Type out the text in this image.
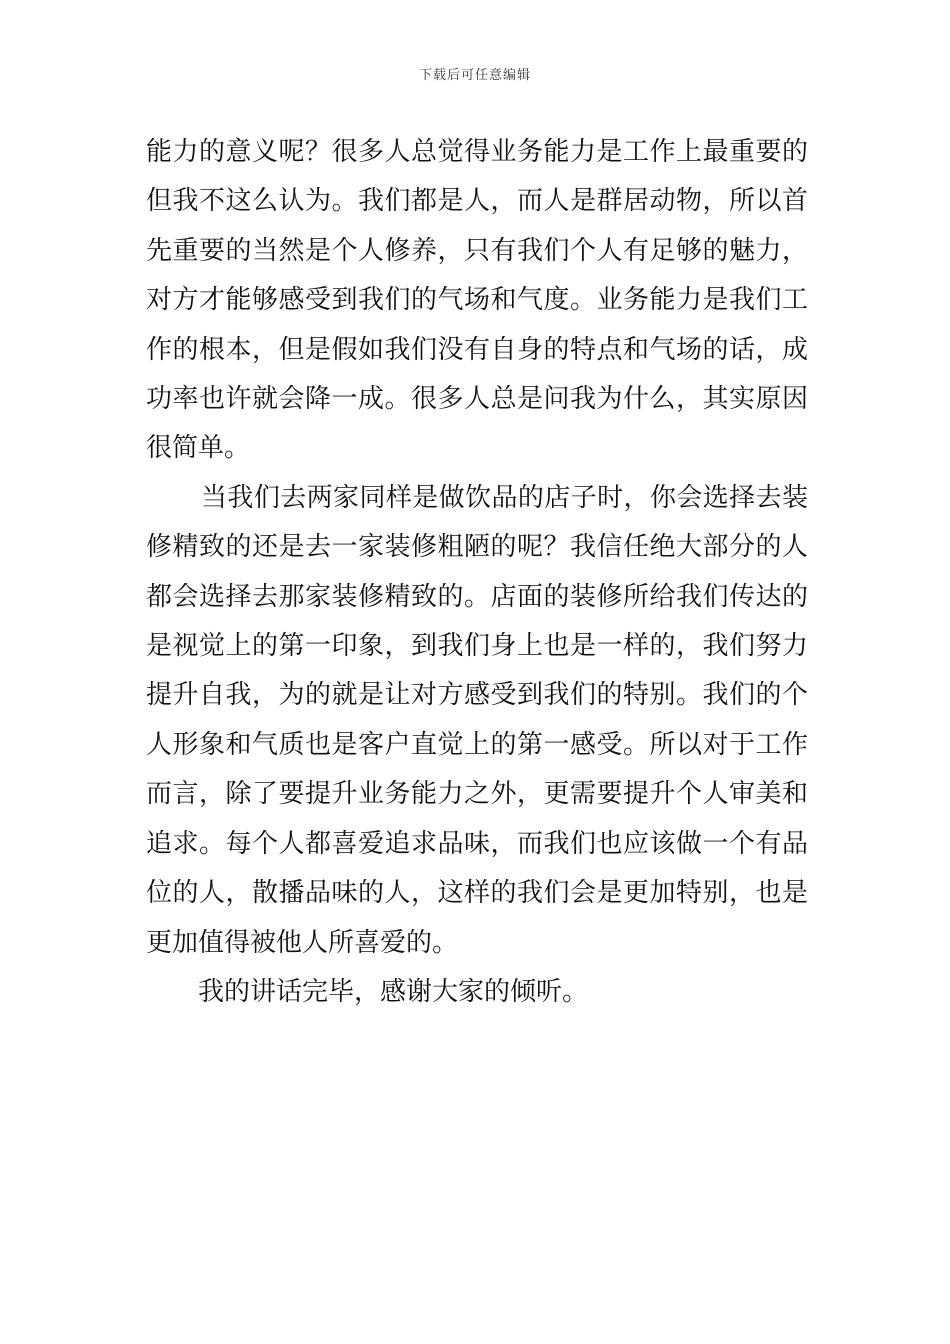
下载后可任意编辑

能力的意义呢？很多人总觉得业务能力是工作上最重要的但我不这么认为。我们都是人，而人是群居动物，所以首先重要的当然是个人修养，只有我们个人有足够的魅力，对方才能够感受到我们的气场和气度。业务能力是我们工作的根本，但是假如我们没有自身的特点和气场的话，成功率也许就会降一成。很多人总是问我为什么，其实原因很简单。

当我们去两家同样是做饮品的店子时，你会选择去装修精致的还是去一家装修粗陋的呢？我信任绝大部分的人都会选择去那家装修精致的。店面的装修所给我们传达的是视觉上的第一印象，到我们身上也是一样的，我们努力提升自我，为的就是让对方感受到我们的特别。我们的个人形象和气质也是客户直觉上的第一感受。所以对于工作而言，除了要提升业务能力之外，更需要提升个人审美和追求。每个人都喜爱追求品味，而我们也应该做一个有品位的人，散播品味的人，这样的我们会是更加特别，也是更加值得被他人所喜爱的。

我的讲话完毕，感谢大家的倾听。
